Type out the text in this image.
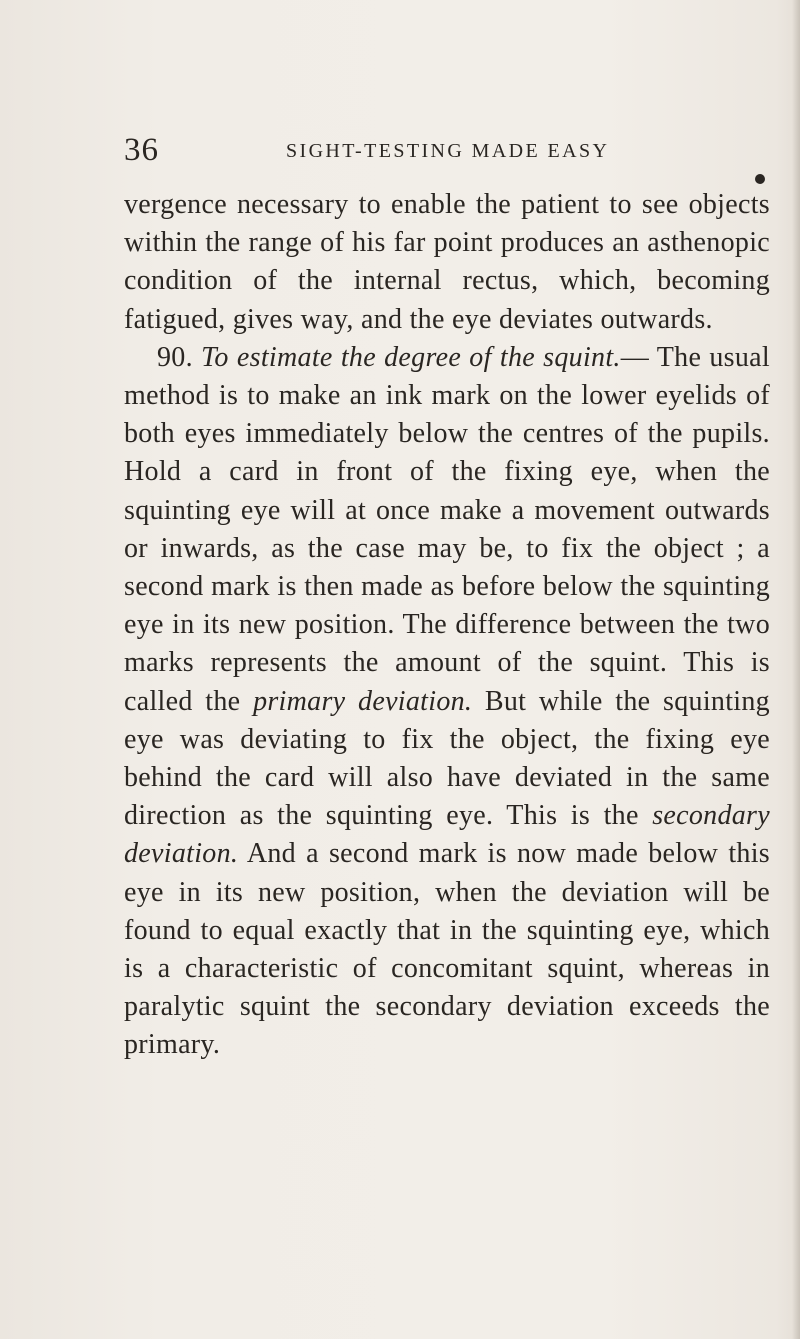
36	SIGHT-TESTING MADE EASY

vergence necessary to enable the patient to see objects within the range of his far point produces an asthenopic condition of the internal rectus, which, becoming fatigued, gives way, and the eye deviates outwards.

90. To estimate the degree of the squint.— The usual method is to make an ink mark on the lower eyelids of both eyes immediately below the centres of the pupils. Hold a card in front of the fixing eye, when the squinting eye will at once make a movement outwards or inwards, as the case may be, to fix the object ; a second mark is then made as before below the squinting eye in its new position. The difference between the two marks represents the amount of the squint. This is called the primary deviation. But while the squinting eye was deviating to fix the object, the fixing eye behind the card will also have deviated in the same direction as the squinting eye. This is the secondary deviation. And a second mark is now made below this eye in its new position, when the deviation will be found to equal exactly that in the squinting eye, which is a characteristic of concomitant squint, whereas in paralytic squint the secondary deviation exceeds the primary.
